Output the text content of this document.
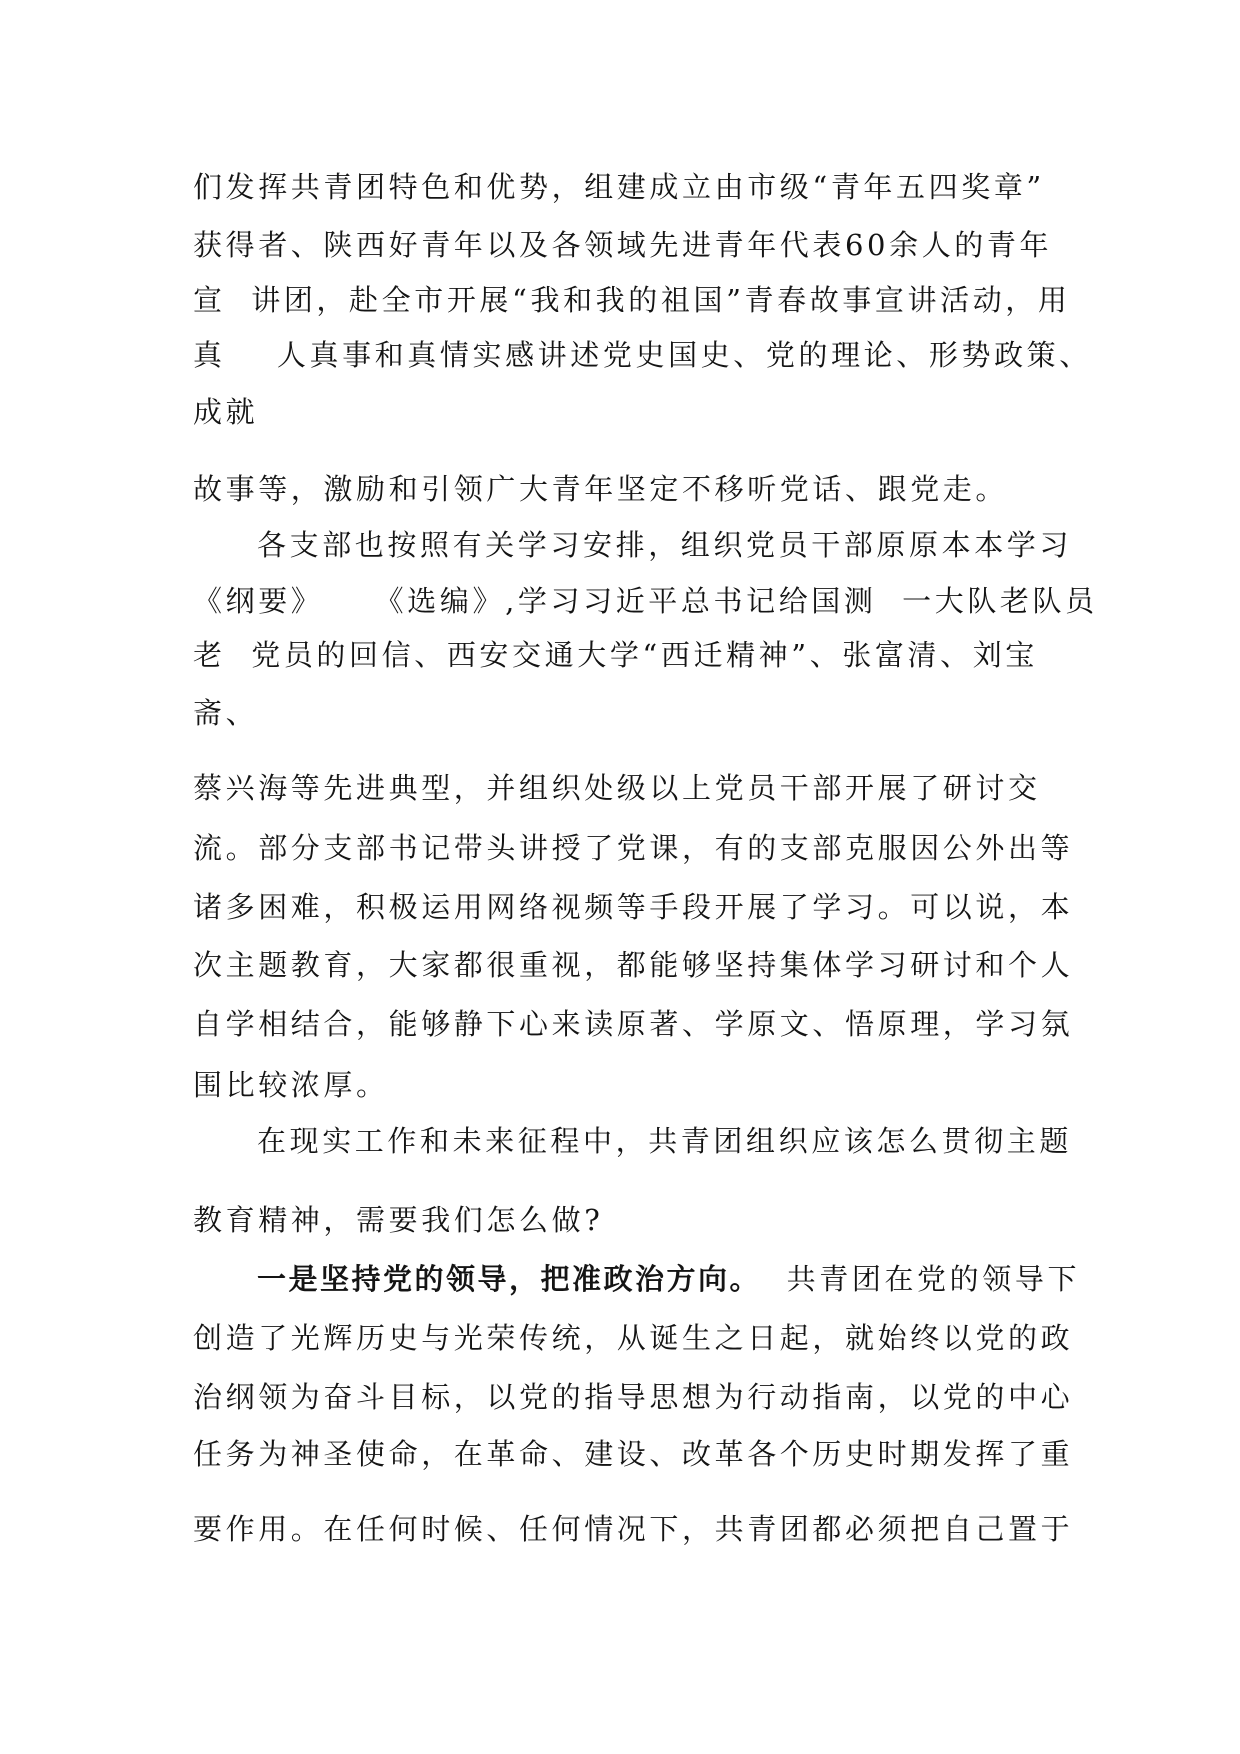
们发挥共青团特色和优势，组建成立由市级“青年五四奖章”
获得者、陕西好青年以及各领域先进青年代表60余人的青年
宣  讲团，赴全市开展“我和我的祖国”青春故事宣讲活动，用
真    人真事和真情实感讲述党史国史、党的理论、形势政策、
成就
故事等，激励和引领广大青年坚定不移听党话、跟党走。
各支部也按照有关学习安排，组织党员干部原原本本学习
《纲要》    《选编》,学习习近平总书记给国测  一大队老队员
老  党员的回信、西安交通大学“西迁精神”、张富清、刘宝
斋、
蔡兴海等先进典型，并组织处级以上党员干部开展了研讨交
流。部分支部书记带头讲授了党课，有的支部克服因公外出等
诸多困难，积极运用网络视频等手段开展了学习。可以说，本
次主题教育，大家都很重视，都能够坚持集体学习研讨和个人
自学相结合，能够静下心来读原著、学原文、悟原理，学习氛
围比较浓厚。
在现实工作和未来征程中，共青团组织应该怎么贯彻主题
教育精神，需要我们怎么做?
一是坚持党的领导，把准政治方向。 共青团在党的领导下
创造了光辉历史与光荣传统，从诞生之日起，就始终以党的政
治纲领为奋斗目标，以党的指导思想为行动指南，以党的中心
任务为神圣使命，在革命、建设、改革各个历史时期发挥了重
要作用。在任何时候、任何情况下，共青团都必须把自己置于
